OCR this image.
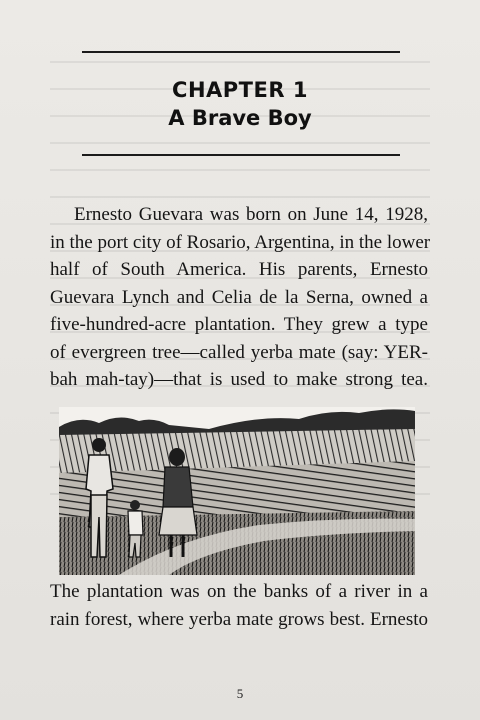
CHAPTER 1
A Brave Boy
Ernesto Guevara was born on June 14, 1928,
in the port city of Rosario, Argentina, in the lower
half of South America. His parents, Ernesto
Guevara Lynch and Celia de la Serna, owned a
five-hundred-acre plantation. They grew a type
of evergreen tree—called yerba mate (say: YER-
bah mah-tay)—that is used to make strong tea.
The plantation was on the banks of a river in a
rain forest, where yerba mate grows best. Ernesto
5
